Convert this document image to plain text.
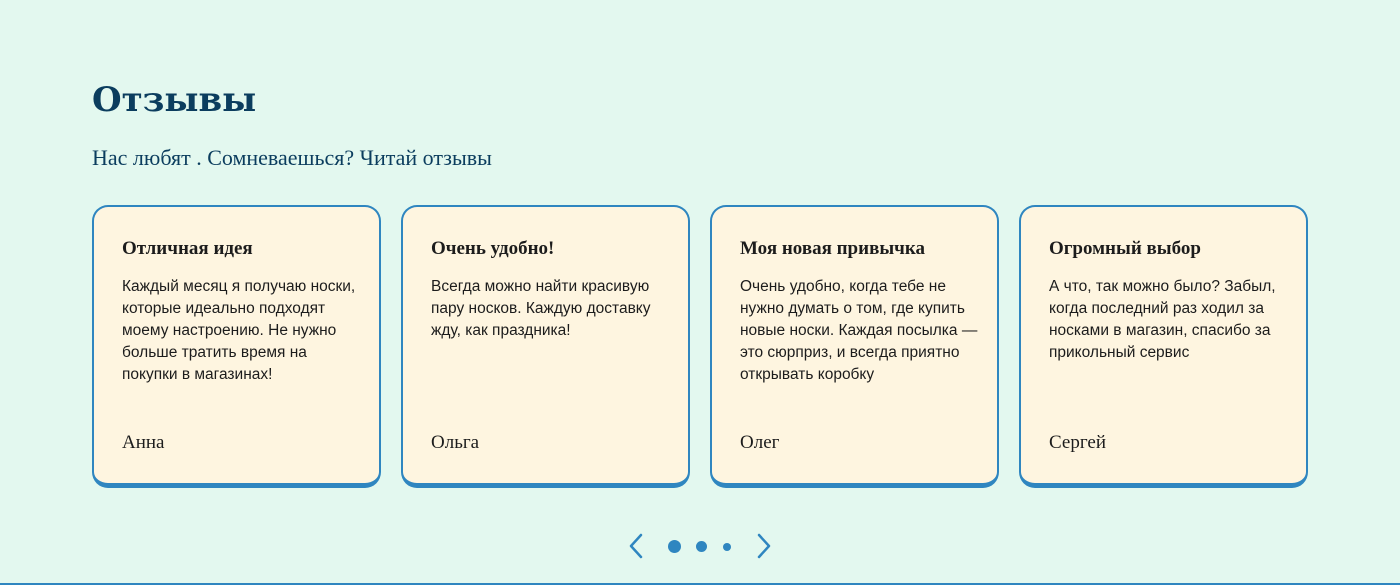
Отзывы

Нас любят . Сомневаешься? Читай отзывы

Отличная идея

Каждый месяц я получаю носки, которые идеально подходят моему настроению. Не нужно больше тратить время на покупки в магазинах!

Анна

Очень удобно!

Всегда можно найти красивую пару носков. Каждую доставку жду, как праздника!

Ольга

Моя новая привычка

Очень удобно, когда тебе не нужно думать о том, где купить новые носки. Каждая посылка — это сюрприз, и всегда приятно открывать коробку

Олег

Огромный выбор

А что, так можно было? Забыл, когда последний раз ходил за носками в магазин, спасибо за прикольный сервис

Сергей
